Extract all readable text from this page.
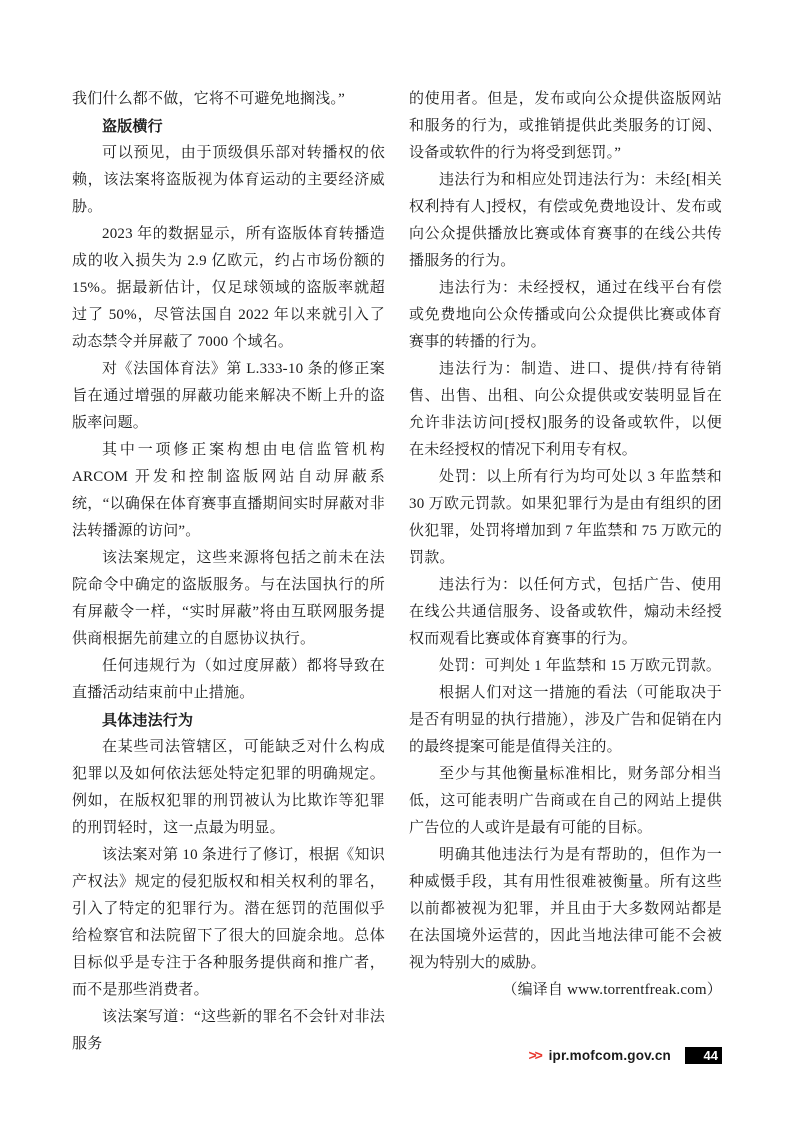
我们什么都不做，它将不可避免地搁浅。”

盗版横行

可以预见，由于顶级俱乐部对转播权的依赖，该法案将盗版视为体育运动的主要经济威胁。

2023 年的数据显示，所有盗版体育转播造成的收入损失为 2.9 亿欧元，约占市场份额的 15%。据最新估计，仅足球领域的盗版率就超过了 50%，尽管法国自 2022 年以来就引入了动态禁令并屏蔽了 7000 个域名。

对《法国体育法》第 L.333-10 条的修正案旨在通过增强的屏蔽功能来解决不断上升的盗版率问题。

其中一项修正案构想由电信监管机构 ARCOM 开发和控制盗版网站自动屏蔽系统，“以确保在体育赛事直播期间实时屏蔽对非法转播源的访问”。

该法案规定，这些来源将包括之前未在法院命令中确定的盗版服务。与在法国执行的所有屏蔽令一样，“实时屏蔽”将由互联网服务提供商根据先前建立的自愿协议执行。

任何违规行为（如过度屏蔽）都将导致在直播活动结束前中止措施。

具体违法行为

在某些司法管辖区，可能缺乏对什么构成犯罪以及如何依法惩处特定犯罪的明确规定。例如，在版权犯罪的刑罚被认为比欺诈等犯罪的刑罚轻时，这一点最为明显。

该法案对第 10 条进行了修订，根据《知识产权法》规定的侵犯版权和相关权利的罪名，引入了特定的犯罪行为。潜在惩罚的范围似乎给检察官和法院留下了很大的回旋余地。总体目标似乎是专注于各种服务提供商和推广者，而不是那些消费者。

该法案写道：“这些新的罪名不会针对非法服务

的使用者。但是，发布或向公众提供盗版网站和服务的行为，或推销提供此类服务的订阅、设备或软件的行为将受到惩罚。”

违法行为和相应处罚违法行为：未经[相关权利持有人]授权，有偿或免费地设计、发布或向公众提供播放比赛或体育赛事的在线公共传播服务的行为。

违法行为：未经授权，通过在线平台有偿或免费地向公众传播或向公众提供比赛或体育赛事的转播的行为。

违法行为：制造、进口、提供/持有待销售、出售、出租、向公众提供或安装明显旨在允许非法访问[授权]服务的设备或软件，以便在未经授权的情况下利用专有权。

处罚：以上所有行为均可处以 3 年监禁和 30 万欧元罚款。如果犯罪行为是由有组织的团伙犯罪，处罚将增加到 7 年监禁和 75 万欧元的罚款。

违法行为：以任何方式，包括广告、使用在线公共通信服务、设备或软件，煽动未经授权而观看比赛或体育赛事的行为。

处罚：可判处 1 年监禁和 15 万欧元罚款。

根据人们对这一措施的看法（可能取决于是否有明显的执行措施），涉及广告和促销在内的最终提案可能是值得关注的。

至少与其他衡量标准相比，财务部分相当低，这可能表明广告商或在自己的网站上提供广告位的人或许是最有可能的目标。

明确其他违法行为是有帮助的，但作为一种威慑手段，其有用性很难被衡量。所有这些以前都被视为犯罪，并且由于大多数网站都是在法国境外运营的，因此当地法律可能不会被视为特别大的威胁。

（编译自 www.torrentfreak.com）

>> ipr.mofcom.gov.cn	44
